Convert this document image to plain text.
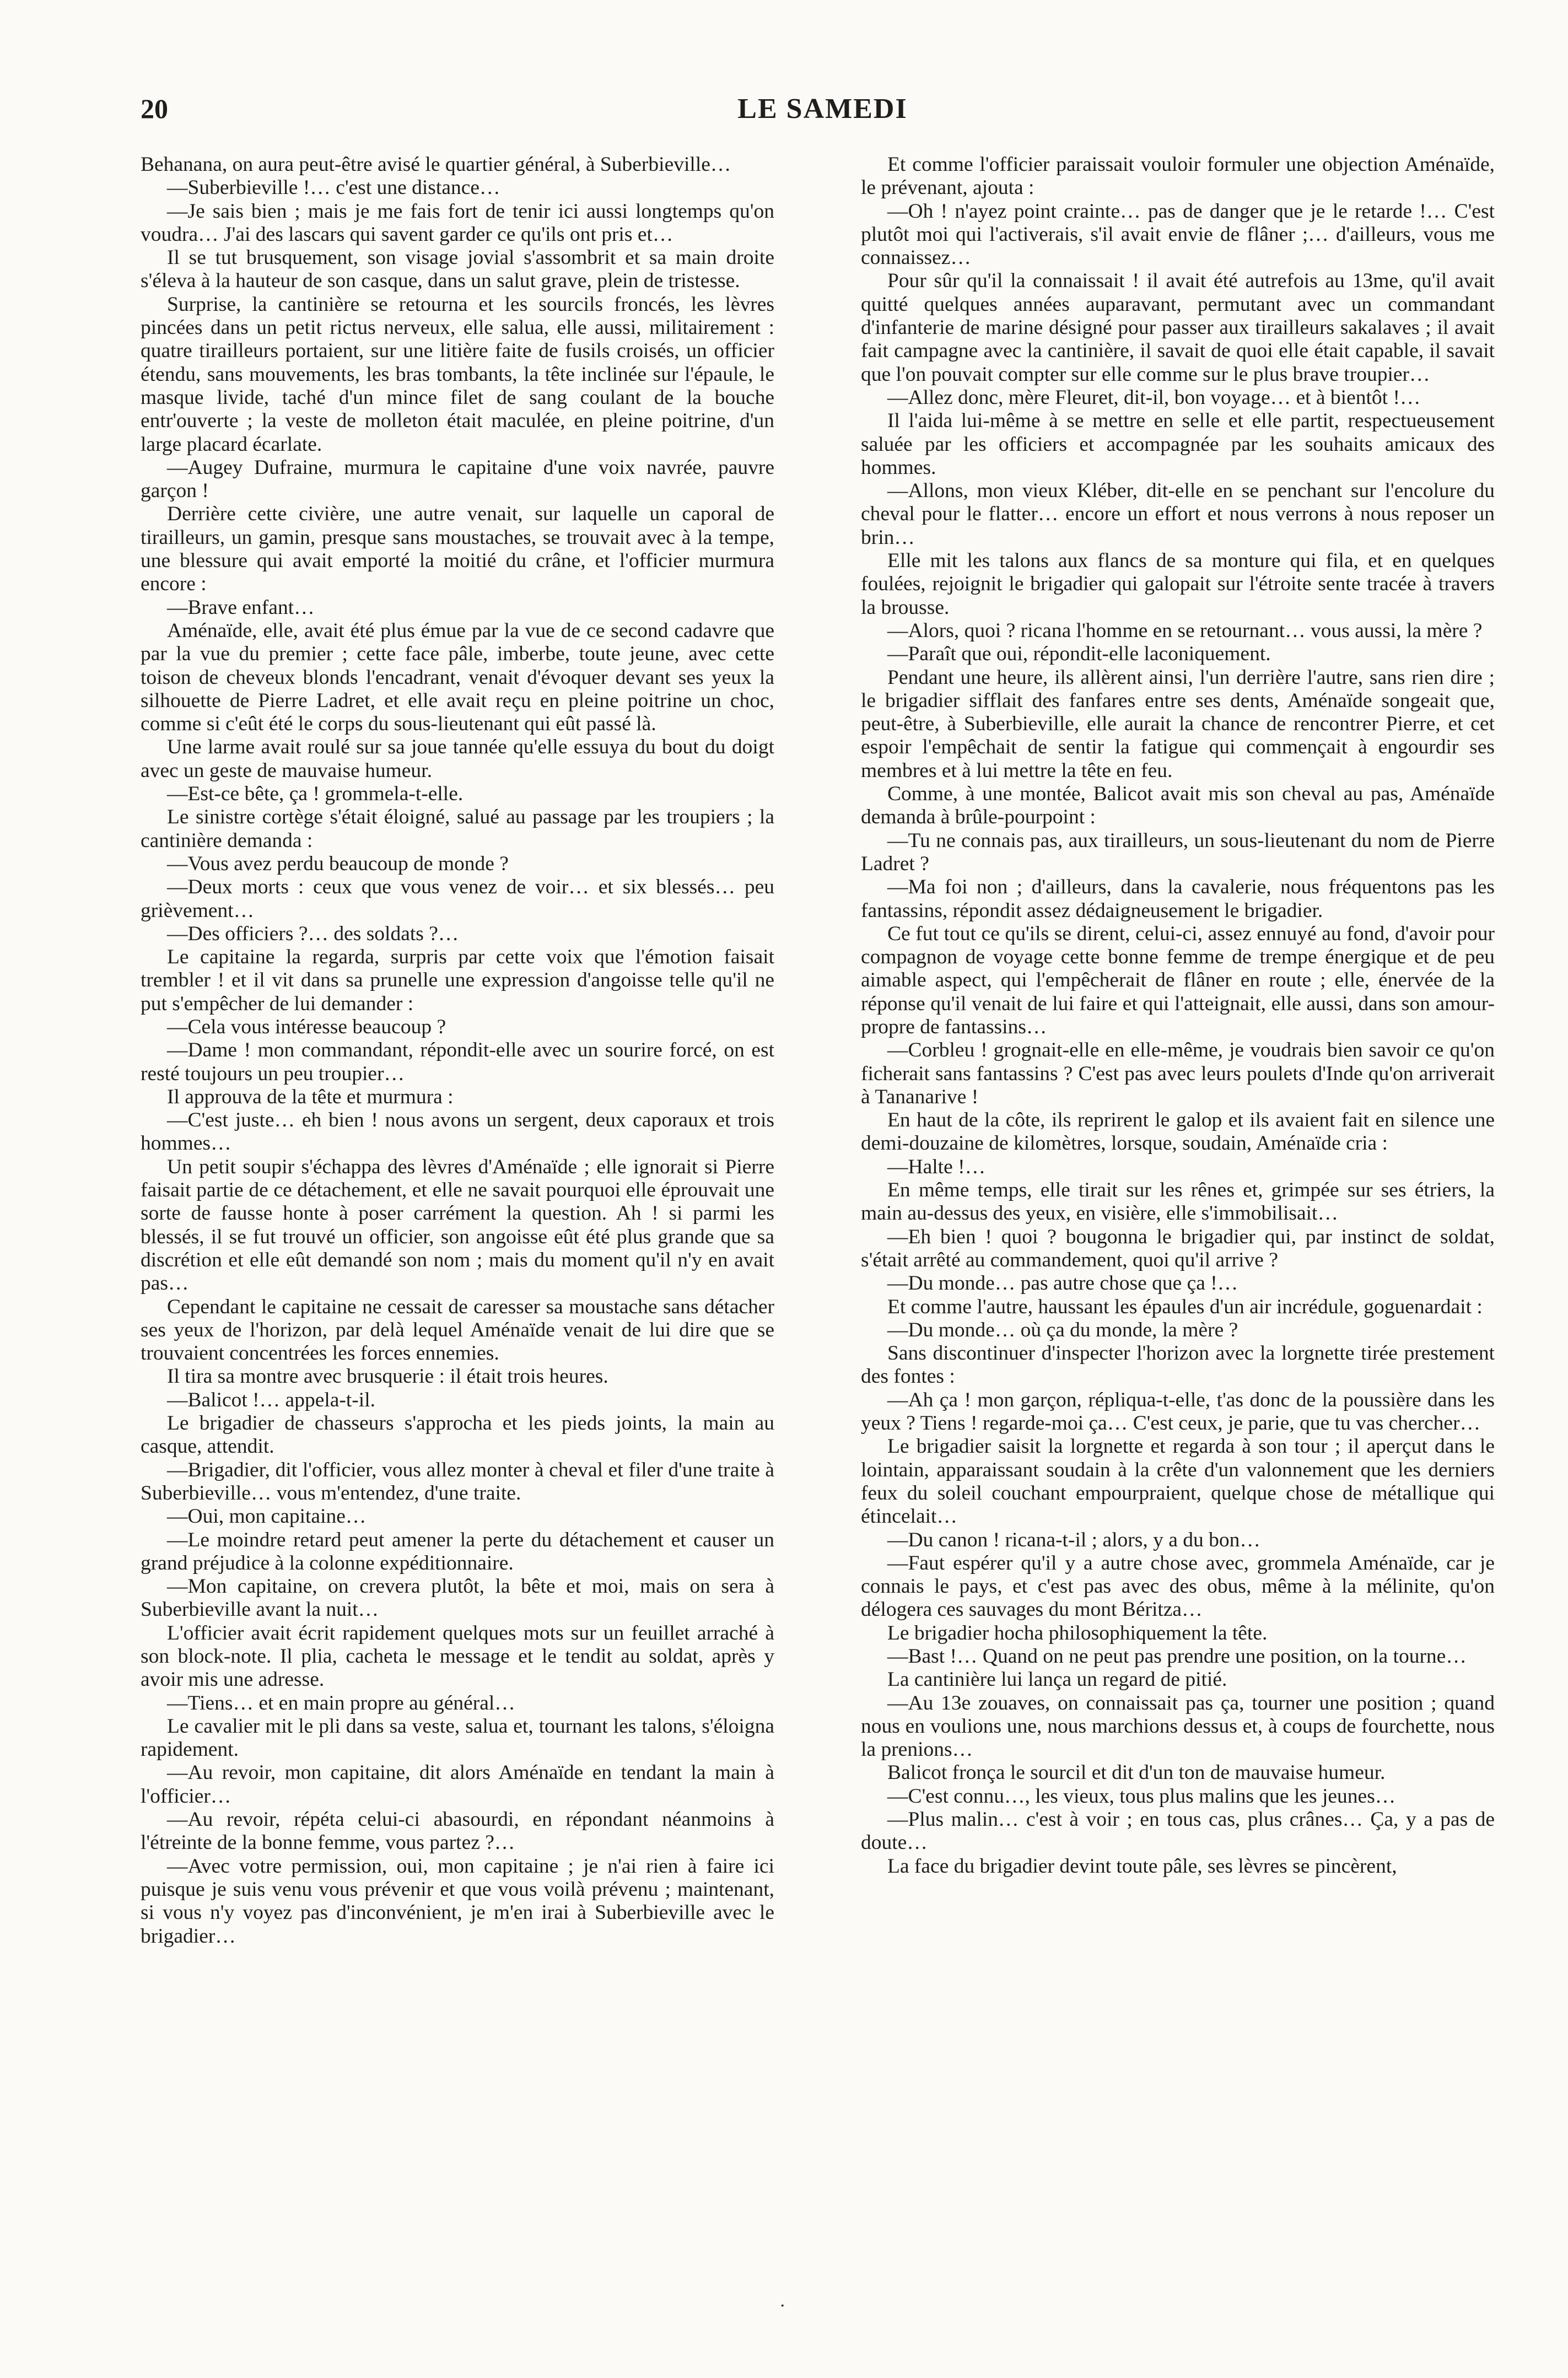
20	LE SAMEDI

Behanana, on aura peut-être avisé le quartier général, à Suberbieville…

—Suberbieville !… c'est une distance…

—Je sais bien ; mais je me fais fort de tenir ici aussi longtemps qu'on voudra… J'ai des lascars qui savent garder ce qu'ils ont pris et…

Il se tut brusquement, son visage jovial s'assombrit et sa main droite s'éleva à la hauteur de son casque, dans un salut grave, plein de tristesse.

Surprise, la cantinière se retourna et les sourcils froncés, les lèvres pincées dans un petit rictus nerveux, elle salua, elle aussi, militairement : quatre tirailleurs portaient, sur une litière faite de fusils croisés, un officier étendu, sans mouvements, les bras tombants, la tête inclinée sur l'épaule, le masque livide, taché d'un mince filet de sang coulant de la bouche entr'ouverte ; la veste de molleton était maculée, en pleine poitrine, d'un large placard écarlate.

—Augey Dufraine, murmura le capitaine d'une voix navrée, pauvre garçon !

Derrière cette civière, une autre venait, sur laquelle un caporal de tirailleurs, un gamin, presque sans moustaches, se trouvait avec à la tempe, une blessure qui avait emporté la moitié du crâne, et l'officier murmura encore :

—Brave enfant…

Aménaïde, elle, avait été plus émue par la vue de ce second cadavre que par la vue du premier ; cette face pâle, imberbe, toute jeune, avec cette toison de cheveux blonds l'encadrant, venait d'évoquer devant ses yeux la silhouette de Pierre Ladret, et elle avait reçu en pleine poitrine un choc, comme si c'eût été le corps du sous-lieutenant qui eût passé là.

Une larme avait roulé sur sa joue tannée qu'elle essuya du bout du doigt avec un geste de mauvaise humeur.

—Est-ce bête, ça ! grommela-t-elle.

Le sinistre cortège s'était éloigné, salué au passage par les troupiers ; la cantinière demanda :

—Vous avez perdu beaucoup de monde ?

—Deux morts : ceux que vous venez de voir… et six blessés… peu grièvement…

—Des officiers ?… des soldats ?…

Le capitaine la regarda, surpris par cette voix que l'émotion faisait trembler ! et il vit dans sa prunelle une expression d'angoisse telle qu'il ne put s'empêcher de lui demander :

—Cela vous intéresse beaucoup ?

—Dame ! mon commandant, répondit-elle avec un sourire forcé, on est resté toujours un peu troupier…

Il approuva de la tête et murmura :

—C'est juste… eh bien ! nous avons un sergent, deux caporaux et trois hommes…

Un petit soupir s'échappa des lèvres d'Aménaïde ; elle ignorait si Pierre faisait partie de ce détachement, et elle ne savait pourquoi elle éprouvait une sorte de fausse honte à poser carrément la question. Ah ! si parmi les blessés, il se fut trouvé un officier, son angoisse eût été plus grande que sa discrétion et elle eût demandé son nom ; mais du moment qu'il n'y en avait pas…

Cependant le capitaine ne cessait de caresser sa moustache sans détacher ses yeux de l'horizon, par delà lequel Aménaïde venait de lui dire que se trouvaient concentrées les forces ennemies.

Il tira sa montre avec brusquerie : il était trois heures.

—Balicot !… appela-t-il.

Le brigadier de chasseurs s'approcha et les pieds joints, la main au casque, attendit.

—Brigadier, dit l'officier, vous allez monter à cheval et filer d'une traite à Suberbieville… vous m'entendez, d'une traite.

—Oui, mon capitaine…

—Le moindre retard peut amener la perte du détachement et causer un grand préjudice à la colonne expéditionnaire.

—Mon capitaine, on crevera plutôt, la bête et moi, mais on sera à Suberbieville avant la nuit…

L'officier avait écrit rapidement quelques mots sur un feuillet arraché à son block-note. Il plia, cacheta le message et le tendit au soldat, après y avoir mis une adresse.

—Tiens… et en main propre au général…

Le cavalier mit le pli dans sa veste, salua et, tournant les talons, s'éloigna rapidement.

—Au revoir, mon capitaine, dit alors Aménaïde en tendant la main à l'officier…

—Au revoir, répéta celui-ci abasourdi, en répondant néanmoins à l'étreinte de la bonne femme, vous partez ?…

—Avec votre permission, oui, mon capitaine ; je n'ai rien à faire ici puisque je suis venu vous prévenir et que vous voilà prévenu ; maintenant, si vous n'y voyez pas d'inconvénient, je m'en irai à Suberbieville avec le brigadier…

Et comme l'officier paraissait vouloir formuler une objection Aménaïde, le prévenant, ajouta :

—Oh ! n'ayez point crainte… pas de danger que je le retarde !… C'est plutôt moi qui l'activerais, s'il avait envie de flâner ;… d'ailleurs, vous me connaissez…

Pour sûr qu'il la connaissait ! il avait été autrefois au 13me, qu'il avait quitté quelques années auparavant, permutant avec un commandant d'infanterie de marine désigné pour passer aux tirailleurs sakalaves ; il avait fait campagne avec la cantinière, il savait de quoi elle était capable, il savait que l'on pouvait compter sur elle comme sur le plus brave troupier…

—Allez donc, mère Fleuret, dit-il, bon voyage… et à bientôt !…

Il l'aida lui-même à se mettre en selle et elle partit, respectueusement saluée par les officiers et accompagnée par les souhaits amicaux des hommes.

—Allons, mon vieux Kléber, dit-elle en se penchant sur l'encolure du cheval pour le flatter… encore un effort et nous verrons à nous reposer un brin…

Elle mit les talons aux flancs de sa monture qui fila, et en quelques foulées, rejoignit le brigadier qui galopait sur l'étroite sente tracée à travers la brousse.

—Alors, quoi ? ricana l'homme en se retournant… vous aussi, la mère ?

—Paraît que oui, répondit-elle laconiquement.

Pendant une heure, ils allèrent ainsi, l'un derrière l'autre, sans rien dire ; le brigadier sifflait des fanfares entre ses dents, Aménaïde songeait que, peut-être, à Suberbieville, elle aurait la chance de rencontrer Pierre, et cet espoir l'empêchait de sentir la fatigue qui commençait à engourdir ses membres et à lui mettre la tête en feu.

Comme, à une montée, Balicot avait mis son cheval au pas, Aménaïde demanda à brûle-pourpoint :

—Tu ne connais pas, aux tirailleurs, un sous-lieutenant du nom de Pierre Ladret ?

—Ma foi non ; d'ailleurs, dans la cavalerie, nous fréquentons pas les fantassins, répondit assez dédaigneusement le brigadier.

Ce fut tout ce qu'ils se dirent, celui-ci, assez ennuyé au fond, d'avoir pour compagnon de voyage cette bonne femme de trempe énergique et de peu aimable aspect, qui l'empêcherait de flâner en route ; elle, énervée de la réponse qu'il venait de lui faire et qui l'atteignait, elle aussi, dans son amour-propre de fantassins…

—Corbleu ! grognait-elle en elle-même, je voudrais bien savoir ce qu'on ficherait sans fantassins ? C'est pas avec leurs poulets d'Inde qu'on arriverait à Tananarive !

En haut de la côte, ils reprirent le galop et ils avaient fait en silence une demi-douzaine de kilomètres, lorsque, soudain, Aménaïde cria :

—Halte !…

En même temps, elle tirait sur les rênes et, grimpée sur ses étriers, la main au-dessus des yeux, en visière, elle s'immobilisait…

—Eh bien ! quoi ? bougonna le brigadier qui, par instinct de soldat, s'était arrêté au commandement, quoi qu'il arrive ?

—Du monde… pas autre chose que ça !…

Et comme l'autre, haussant les épaules d'un air incrédule, goguenardait :

—Du monde… où ça du monde, la mère ?

Sans discontinuer d'inspecter l'horizon avec la lorgnette tirée prestement des fontes :

—Ah ça ! mon garçon, répliqua-t-elle, t'as donc de la poussière dans les yeux ? Tiens ! regarde-moi ça… C'est ceux, je parie, que tu vas chercher…

Le brigadier saisit la lorgnette et regarda à son tour ; il aperçut dans le lointain, apparaissant soudain à la crête d'un valonnement que les derniers feux du soleil couchant empourpraient, quelque chose de métallique qui étincelait…

—Du canon ! ricana-t-il ; alors, y a du bon…

—Faut espérer qu'il y a autre chose avec, grommela Aménaïde, car je connais le pays, et c'est pas avec des obus, même à la mélinite, qu'on délogera ces sauvages du mont Béritza…

Le brigadier hocha philosophiquement la tête.

—Bast !… Quand on ne peut pas prendre une position, on la tourne…

La cantinière lui lança un regard de pitié.

—Au 13e zouaves, on connaissait pas ça, tourner une position ; quand nous en voulions une, nous marchions dessus et, à coups de fourchette, nous la prenions…

Balicot fronça le sourcil et dit d'un ton de mauvaise humeur.

—C'est connu…, les vieux, tous plus malins que les jeunes…

—Plus malin… c'est à voir ; en tous cas, plus crânes… Ça, y a pas de doute…

La face du brigadier devint toute pâle, ses lèvres se pincèrent,

.
